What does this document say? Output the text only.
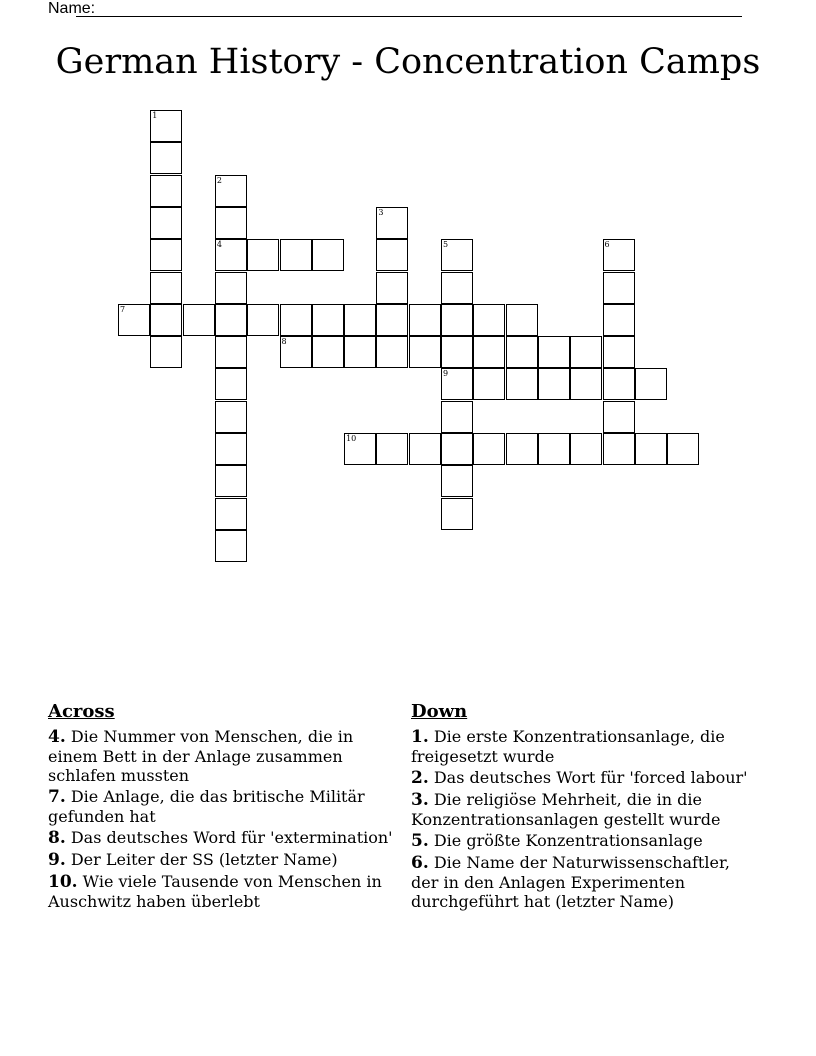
Name:
German History - Concentration Camps
1
2
4
3
5
9
6
7
8
10
Across
4. Die Nummer von Menschen, die in einem Bett in der Anlage zusammen schlafen mussten
7. Die Anlage, die das britische Militär gefunden hat
8. Das deutsches Word für 'extermination'
9. Der Leiter der SS (letzter Name)
10. Wie viele Tausende von Menschen in Auschwitz haben überlebt
Down
1. Die erste Konzentrationsanlage, die freigesetzt wurde
2. Das deutsches Wort für 'forced labour'
3. Die religiöse Mehrheit, die in die Konzentrationsanlagen gestellt wurde
5. Die größte Konzentrationsanlage
6. Die Name der Naturwissenschaftler, der in den Anlagen Experimenten durchgeführt hat (letzter Name)
